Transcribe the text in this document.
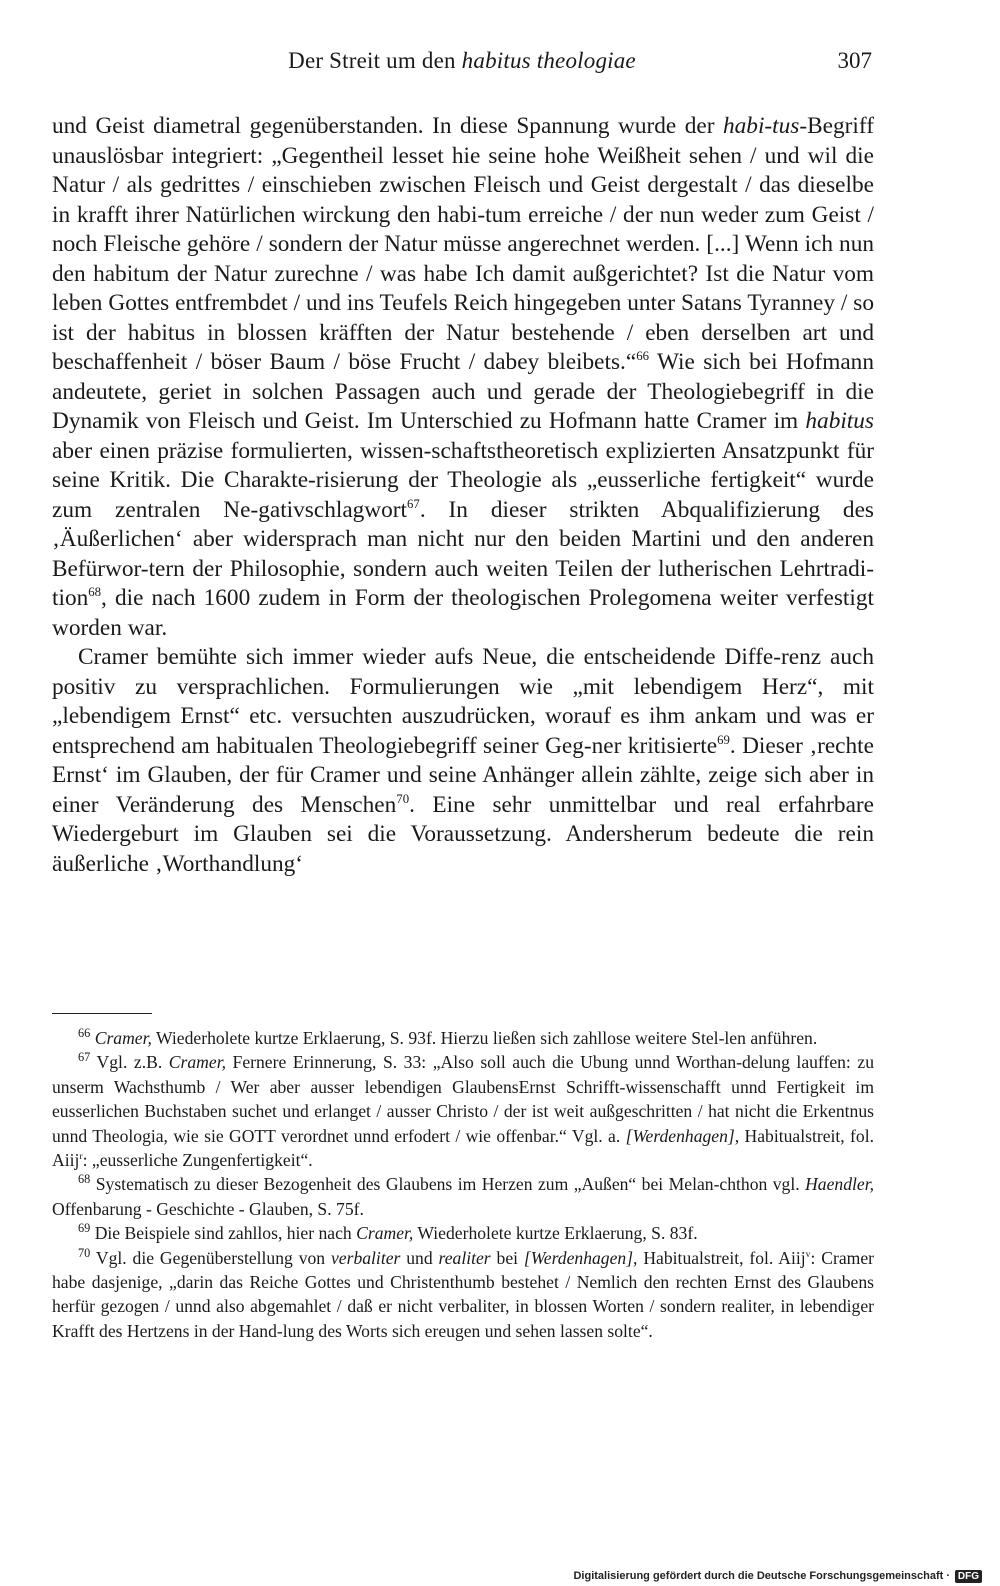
Der Streit um den habitus theologiae	307

und Geist diametral gegenüberstanden. In diese Spannung wurde der habi-tus-Begriff unauslösbar integriert: „Gegentheil lesset hie seine hohe Weißheit sehen / und wil die Natur / als gedrittes / einschieben zwischen Fleisch und Geist dergestalt / das dieselbe in krafft ihrer Natürlichen wirckung den habi-tum erreiche / der nun weder zum Geist / noch Fleische gehöre / sondern der Natur müsse angerechnet werden. [...] Wenn ich nun den habitum der Natur zurechne / was habe Ich damit außgerichtet? Ist die Natur vom leben Gottes entfrembdet / und ins Teufels Reich hingegeben unter Satans Tyranney / so ist der habitus in blossen kräfften der Natur bestehende / eben derselben art und beschaffenheit / böser Baum / böse Frucht / dabey bleibets.“$^{66}$ Wie sich bei Hofmann andeutete, geriet in solchen Passagen auch und gerade der Theologiebegriff in die Dynamik von Fleisch und Geist. Im Unterschied zu Hofmann hatte Cramer im habitus aber einen präzise formulierten, wissen-schaftstheoretisch explizierten Ansatzpunkt für seine Kritik. Die Charakte-risierung der Theologie als „eusserliche fertigkeit“ wurde zum zentralen Ne-gativschlagwort$^{67}$. In dieser strikten Abqualifizierung des ‚Äußerlichen‘ aber widersprach man nicht nur den beiden Martini und den anderen Befürwor-tern der Philosophie, sondern auch weiten Teilen der lutherischen Lehrtradi-tion$^{68}$, die nach 1600 zudem in Form der theologischen Prolegomena weiter verfestigt worden war.

Cramer bemühte sich immer wieder aufs Neue, die entscheidende Diffe-renz auch positiv zu versprachlichen. Formulierungen wie „mit lebendigem Herz“, mit „lebendigem Ernst“ etc. versuchten auszudrücken, worauf es ihm ankam und was er entsprechend am habitualen Theologiebegriff seiner Geg-ner kritisierte$^{69}$. Dieser ‚rechte Ernst‘ im Glauben, der für Cramer und seine Anhänger allein zählte, zeige sich aber in einer Veränderung des Menschen$^{70}$. Eine sehr unmittelbar und real erfahrbare Wiedergeburt im Glauben sei die Voraussetzung. Andersherum bedeute die rein äußerliche ‚Worthandlung‘

$^{66}$ Cramer, Wiederholete kurtze Erklaerung, S. 93f. Hierzu ließen sich zahllose weitere Stel-len anführen.

$^{67}$ Vgl. z.B. Cramer, Fernere Erinnerung, S. 33: „Also soll auch die Ubung unnd Worthan-delung lauffen: zu unserm Wachsthumb / Wer aber ausser lebendigen GlaubensErnst Schrifft-wissenschafft unnd Fertigkeit im eusserlichen Buchstaben suchet und erlanget / ausser Christo / der ist weit außgeschritten / hat nicht die Erkentnus unnd Theologia, wie sie GOTT verordnet unnd erfodert / wie offenbar.“ Vgl. a. [Werdenhagen], Habitualstreit, fol. Aiij$^r$: „eusserliche Zungenfertigkeit“.

$^{68}$ Systematisch zu dieser Bezogenheit des Glaubens im Herzen zum „Außen“ bei Melan-chthon vgl. Haendler, Offenbarung - Geschichte - Glauben, S. 75f.

$^{69}$ Die Beispiele sind zahllos, hier nach Cramer, Wiederholete kurtze Erklaerung, S. 83f.

$^{70}$ Vgl. die Gegenüberstellung von verbaliter und realiter bei [Werdenhagen], Habitualstreit, fol. Aiij$^v$: Cramer habe dasjenige, „darin das Reiche Gottes und Christenthumb bestehet / Nemlich den rechten Ernst des Glaubens herfür gezogen / unnd also abgemahlet / daß er nicht verbaliter, in blossen Worten / sondern realiter, in lebendiger Krafft des Hertzens in der Hand-lung des Worts sich ereugen und sehen lassen solte“.

Digitalisierung gefördert durch die Deutsche Forschungsgemeinschaft · DFG
